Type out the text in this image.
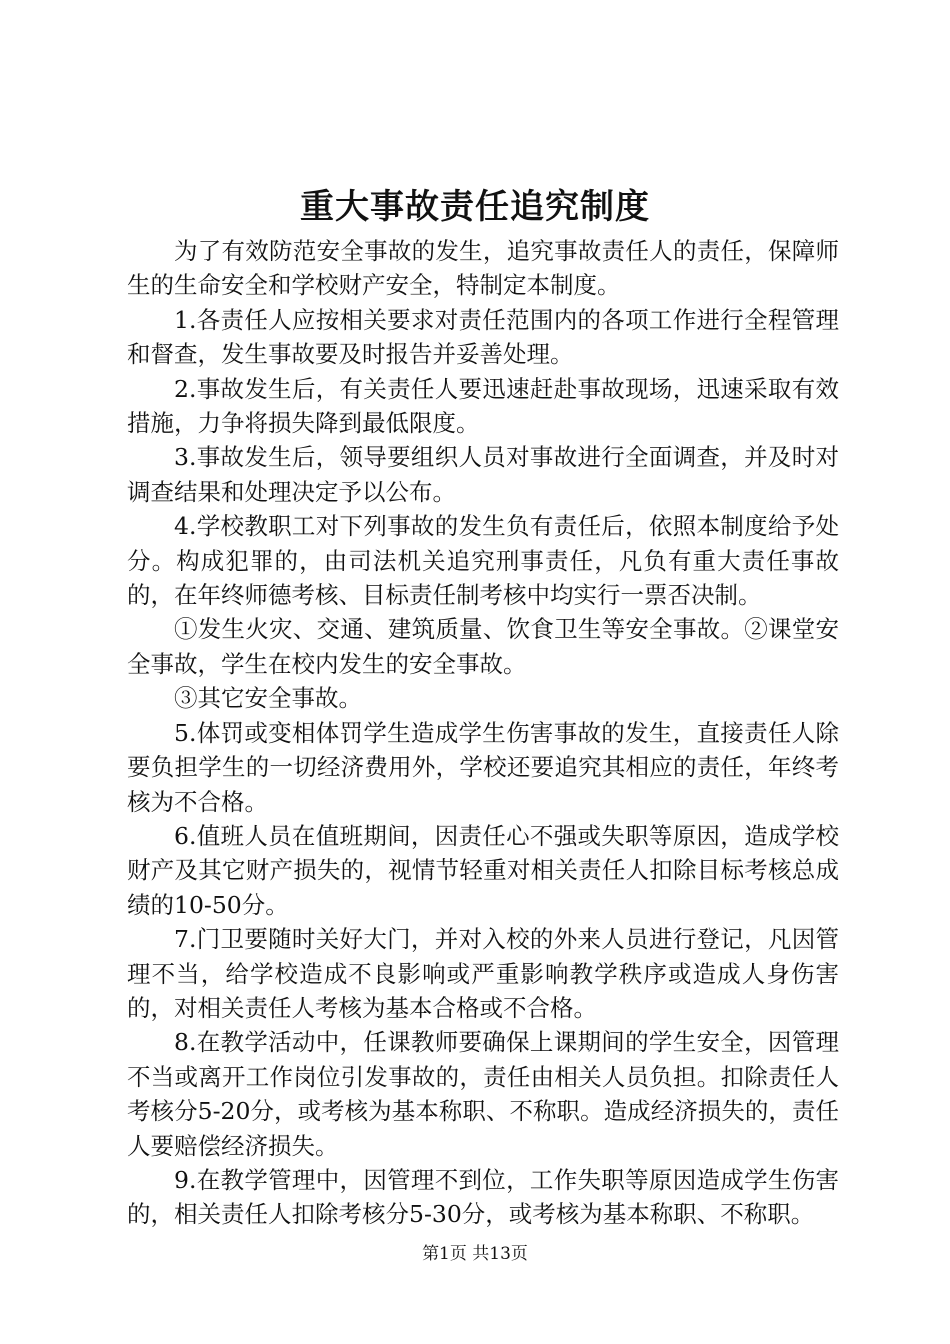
重大事故责任追究制度

为了有效防范安全事故的发生，追究事故责任人的责任，保障师生的生命安全和学校财产安全，特制定本制度。

1.各责任人应按相关要求对责任范围内的各项工作进行全程管理和督查，发生事故要及时报告并妥善处理。

2.事故发生后，有关责任人要迅速赶赴事故现场，迅速采取有效措施，力争将损失降到最低限度。

3.事故发生后，领导要组织人员对事故进行全面调查，并及时对调查结果和处理决定予以公布。

4.学校教职工对下列事故的发生负有责任后，依照本制度给予处分。构成犯罪的，由司法机关追究刑事责任，凡负有重大责任事故的，在年终师德考核、目标责任制考核中均实行一票否决制。

①发生火灾、交通、建筑质量、饮食卫生等安全事故。②课堂安全事故，学生在校内发生的安全事故。

③其它安全事故。

5.体罚或变相体罚学生造成学生伤害事故的发生，直接责任人除要负担学生的一切经济费用外，学校还要追究其相应的责任，年终考核为不合格。

6.值班人员在值班期间，因责任心不强或失职等原因，造成学校财产及其它财产损失的，视情节轻重对相关责任人扣除目标考核总成绩的10-50分。

7.门卫要随时关好大门，并对入校的外来人员进行登记，凡因管理不当，给学校造成不良影响或严重影响教学秩序或造成人身伤害的，对相关责任人考核为基本合格或不合格。

8.在教学活动中，任课教师要确保上课期间的学生安全，因管理不当或离开工作岗位引发事故的，责任由相关人员负担。扣除责任人考核分5-20分，或考核为基本称职、不称职。造成经济损失的，责任人要赔偿经济损失。

9.在教学管理中，因管理不到位，工作失职等原因造成学生伤害的，相关责任人扣除考核分5-30分，或考核为基本称职、不称职。

第1页 共13页
